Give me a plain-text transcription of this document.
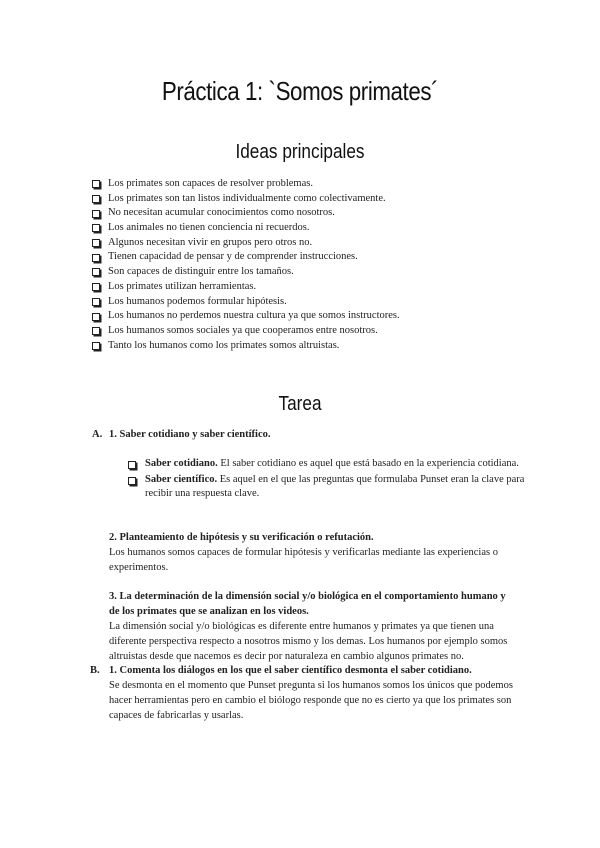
Práctica 1: `Somos primates´
Ideas principales
Los primates son capaces de resolver problemas.
Los primates son tan listos individualmente como colectivamente.
No necesitan acumular conocimientos como nosotros.
Los animales no tienen conciencia ni recuerdos.
Algunos necesitan vivir en grupos pero otros no.
Tienen capacidad de pensar y de comprender instrucciones.
Son capaces de distinguir entre los tamaños.
Los primates utilizan herramientas.
Los humanos podemos formular hipótesis.
Los humanos no perdemos nuestra cultura ya que somos instructores.
Los humanos somos sociales ya que cooperamos entre nosotros.
Tanto los humanos como los primates somos altruistas.
Tarea
A. 1. Saber cotidiano y saber científico.
Saber cotidiano. El saber cotidiano es aquel que está basado en la experiencia cotidiana.
Saber científico. Es aquel en el que las preguntas que formulaba Punset eran la clave para recibir una respuesta clave.
2. Planteamiento de hipótesis y su verificación o refutación.
Los humanos somos capaces de formular hipótesis y verificarlas mediante las experiencias o experimentos.
3. La determinación de la dimensión social y/o biológica en el comportamiento humano y
de los primates que se analizan en los videos.
La dimensión social y/o biológicas es diferente entre humanos y primates ya que tienen una diferente perspectiva respecto a nosotros mismo y los demas. Los humanos por ejemplo somos altruistas desde que nacemos es decir por naturaleza en cambio algunos primates no.
B. 1. Comenta los diálogos en los que el saber científico desmonta el saber cotidiano.
Se desmonta en el momento que Punset pregunta si los humanos somos los únicos que podemos hacer herramientas pero en cambio el biólogo responde que no es cierto ya que los primates son capaces de fabricarlas y usarlas.
